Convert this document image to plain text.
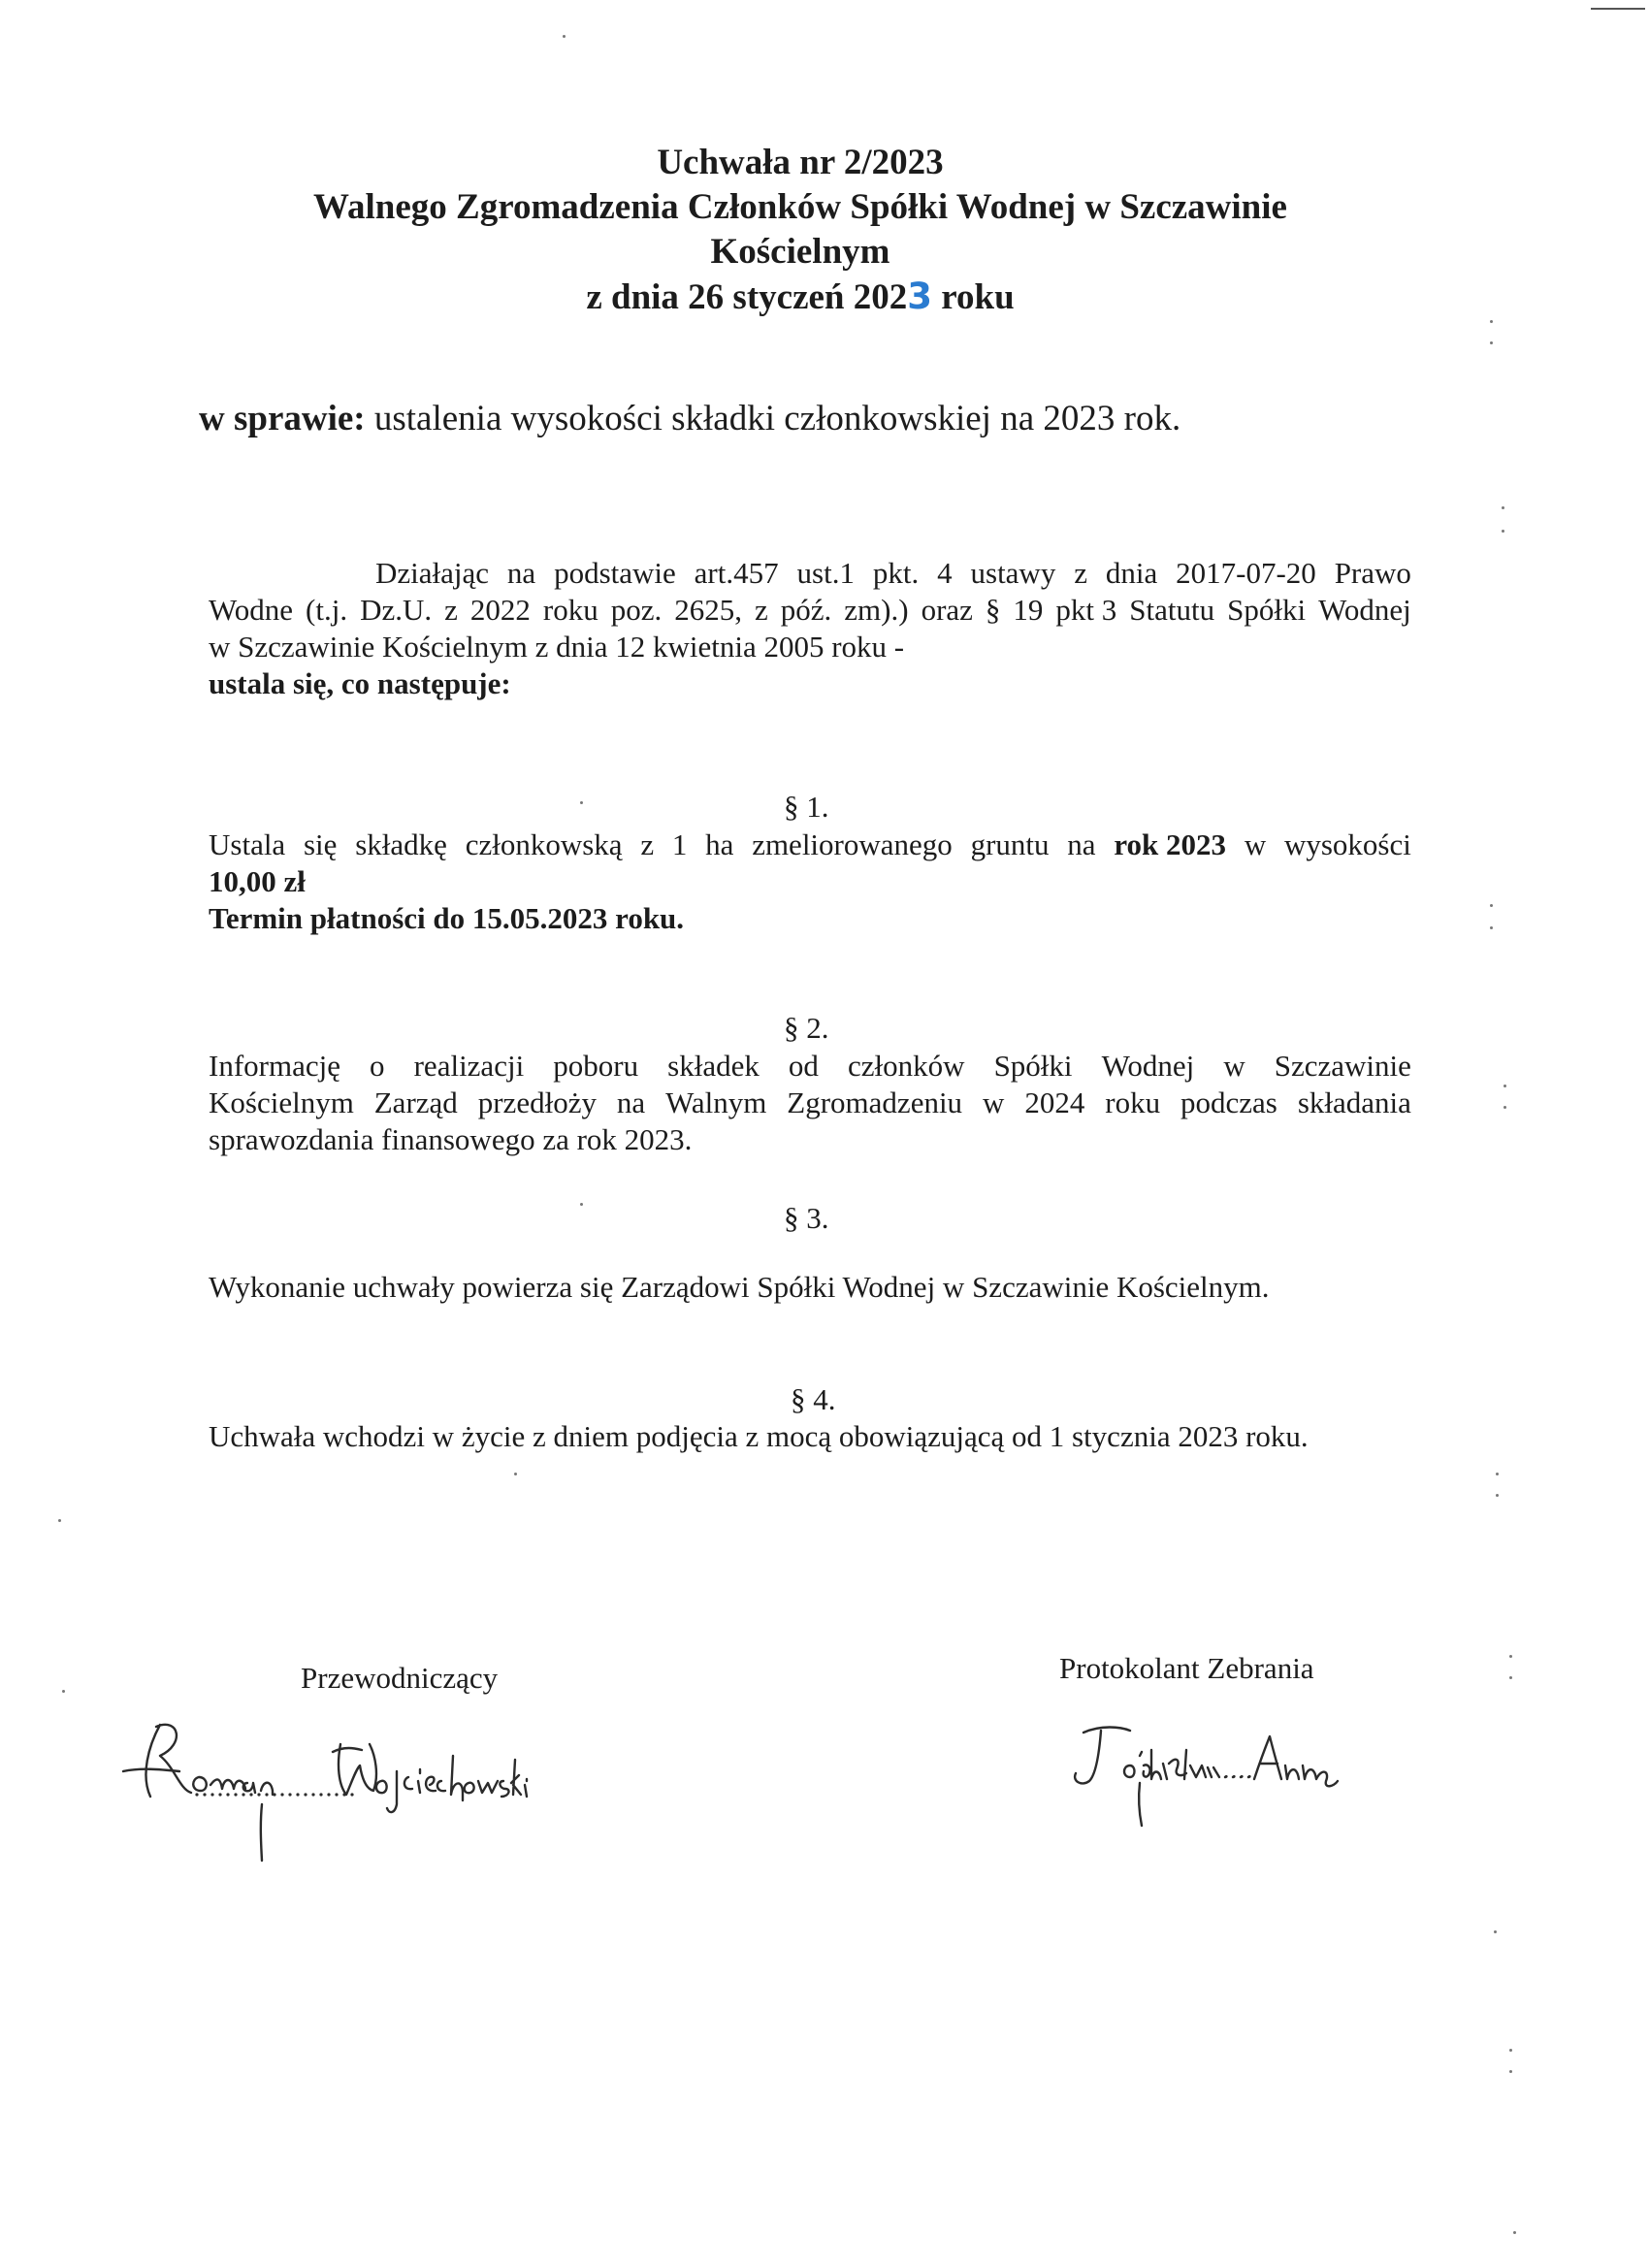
Uchwała nr 2/2023
Walnego Zgromadzenia Członków Spółki Wodnej w Szczawinie
Kościelnym
z dnia 26 styczeń 2023 roku
w sprawie: ustalenia wysokości składki członkowskiej na 2023 rok.
Działając na podstawie art.457 ust.1 pkt. 4 ustawy z dnia 2017-07-20 Prawo
Wodne (t.j. Dz.U. z 2022 roku poz. 2625, z póź. zm).) oraz § 19 pkt 3 Statutu Spółki Wodnej
w Szczawinie Kościelnym z dnia 12 kwietnia 2005 roku -
ustala się, co następuje:
§ 1.
Ustala się składkę członkowską z 1 ha zmeliorowanego gruntu na rok 2023 w wysokości
10,00 zł
Termin płatności do 15.05.2023 roku.
§ 2.
Informację o realizacji poboru składek od członków Spółki Wodnej w Szczawinie
Kościelnym Zarząd przedłoży na Walnym Zgromadzeniu w 2024 roku podczas składania
sprawozdania finansowego za rok 2023.
§ 3.
Wykonanie uchwały powierza się Zarządowi Spółki Wodnej w Szczawinie Kościelnym.
§ 4.
Uchwała wchodzi w życie z dniem podjęcia z mocą obowiązującą od 1 stycznia 2023 roku.
Przewodniczący	Protokolant Zebrania
